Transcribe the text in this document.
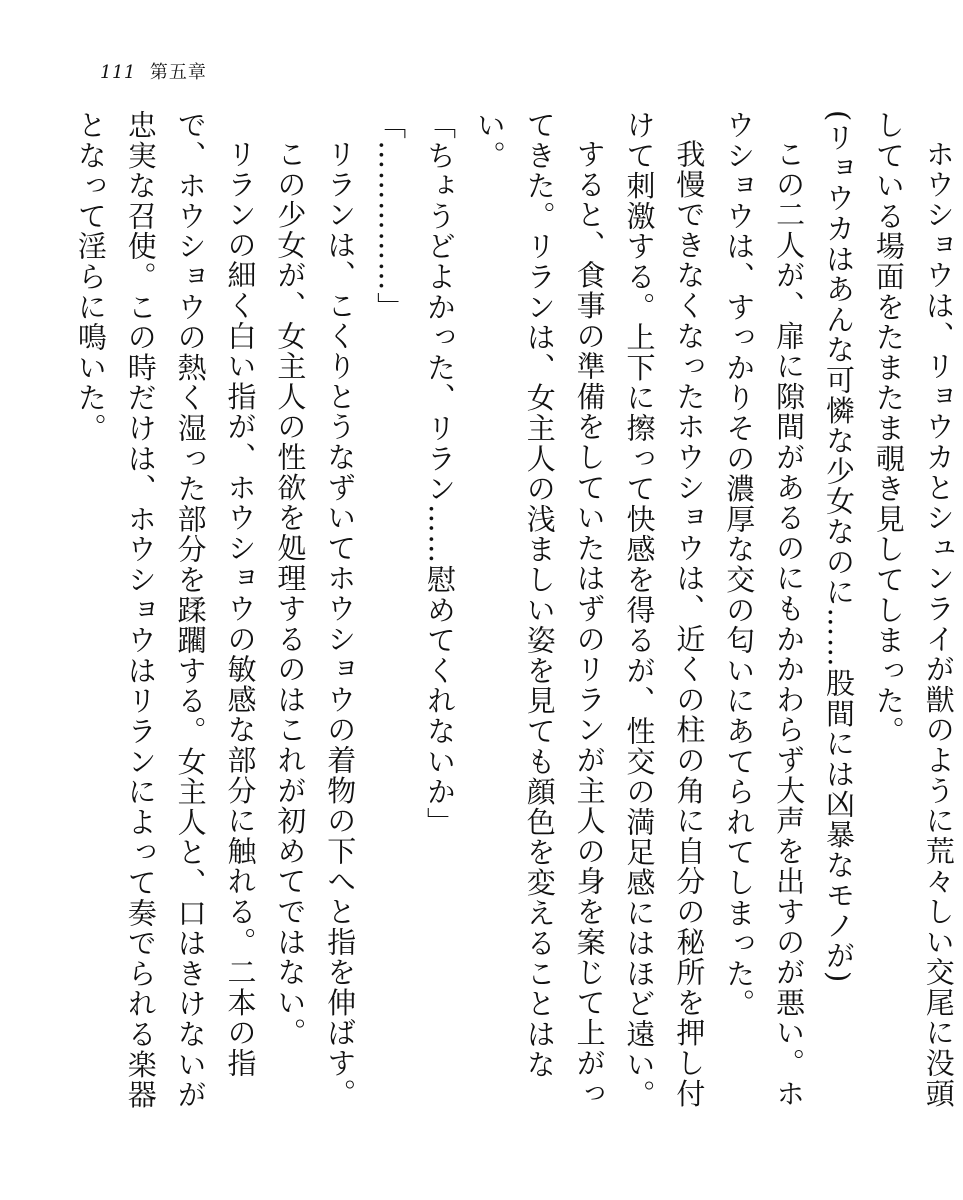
111 第五章

ホウショウは、リョウカとシュンライが獣のように荒々しい交尾に没頭している場面をたまたま覗き見してしまった。

(リョウカはあんな可憐な少女なのに……股間には凶暴なモノが)

この二人が、扉に隙間があるのにもかかわらず大声を出すのが悪い。ホウショウは、すっかりその濃厚な交の匂いにあてられてしまった。

我慢できなくなったホウショウは、近くの柱の角に自分の秘所を押し付けて刺激する。上下に擦って快感を得るが、性交の満足感にはほど遠い。

すると、食事の準備をしていたはずのリランが主人の身を案じて上がってきた。リランは、女主人の浅ましい姿を見ても顔色を変えることはない。

「ちょうどよかった、リラン……慰めてくれないか」

「……………」

リランは、こくりとうなずいてホウショウの着物の下へと指を伸ばす。

この少女が、女主人の性欲を処理するのはこれが初めてではない。

リランの細く白い指が、ホウショウの敏感な部分に触れる。二本の指で、ホウショウの熱く湿った部分を蹂躙する。女主人と、口はきけないが忠実な召使。この時だけは、ホウショウはリランによって奏でられる楽器となって淫らに鳴いた。
